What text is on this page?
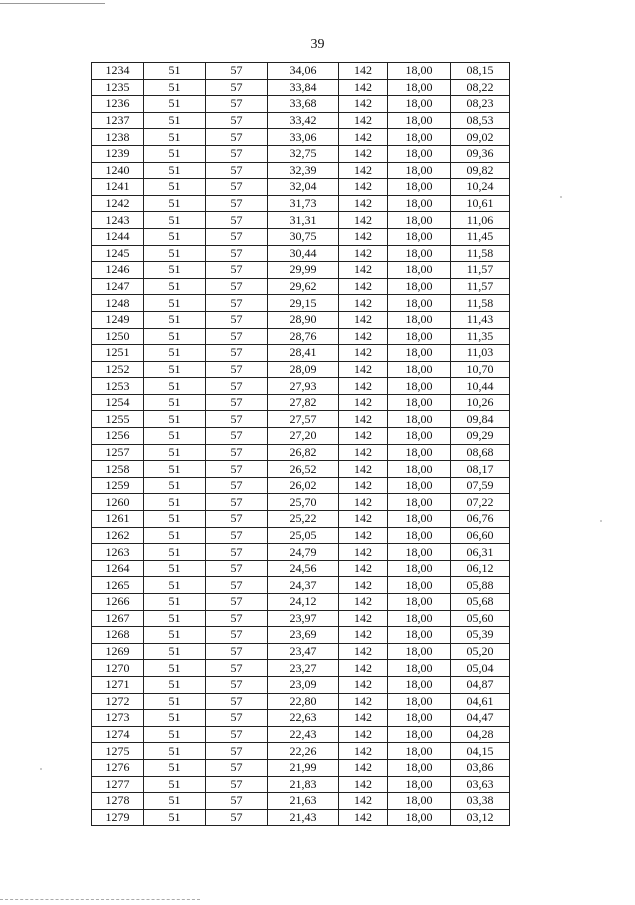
39
1234	51	57	34,06	142	18,00	08,15
1235	51	57	33,84	142	18,00	08,22
1236	51	57	33,68	142	18,00	08,23
1237	51	57	33,42	142	18,00	08,53
1238	51	57	33,06	142	18,00	09,02
1239	51	57	32,75	142	18,00	09,36
1240	51	57	32,39	142	18,00	09,82
1241	51	57	32,04	142	18,00	10,24
1242	51	57	31,73	142	18,00	10,61
1243	51	57	31,31	142	18,00	11,06
1244	51	57	30,75	142	18,00	11,45
1245	51	57	30,44	142	18,00	11,58
1246	51	57	29,99	142	18,00	11,57
1247	51	57	29,62	142	18,00	11,57
1248	51	57	29,15	142	18,00	11,58
1249	51	57	28,90	142	18,00	11,43
1250	51	57	28,76	142	18,00	11,35
1251	51	57	28,41	142	18,00	11,03
1252	51	57	28,09	142	18,00	10,70
1253	51	57	27,93	142	18,00	10,44
1254	51	57	27,82	142	18,00	10,26
1255	51	57	27,57	142	18,00	09,84
1256	51	57	27,20	142	18,00	09,29
1257	51	57	26,82	142	18,00	08,68
1258	51	57	26,52	142	18,00	08,17
1259	51	57	26,02	142	18,00	07,59
1260	51	57	25,70	142	18,00	07,22
1261	51	57	25,22	142	18,00	06,76
1262	51	57	25,05	142	18,00	06,60
1263	51	57	24,79	142	18,00	06,31
1264	51	57	24,56	142	18,00	06,12
1265	51	57	24,37	142	18,00	05,88
1266	51	57	24,12	142	18,00	05,68
1267	51	57	23,97	142	18,00	05,60
1268	51	57	23,69	142	18,00	05,39
1269	51	57	23,47	142	18,00	05,20
1270	51	57	23,27	142	18,00	05,04
1271	51	57	23,09	142	18,00	04,87
1272	51	57	22,80	142	18,00	04,61
1273	51	57	22,63	142	18,00	04,47
1274	51	57	22,43	142	18,00	04,28
1275	51	57	22,26	142	18,00	04,15
1276	51	57	21,99	142	18,00	03,86
1277	51	57	21,83	142	18,00	03,63
1278	51	57	21,63	142	18,00	03,38
1279	51	57	21,43	142	18,00	03,12
